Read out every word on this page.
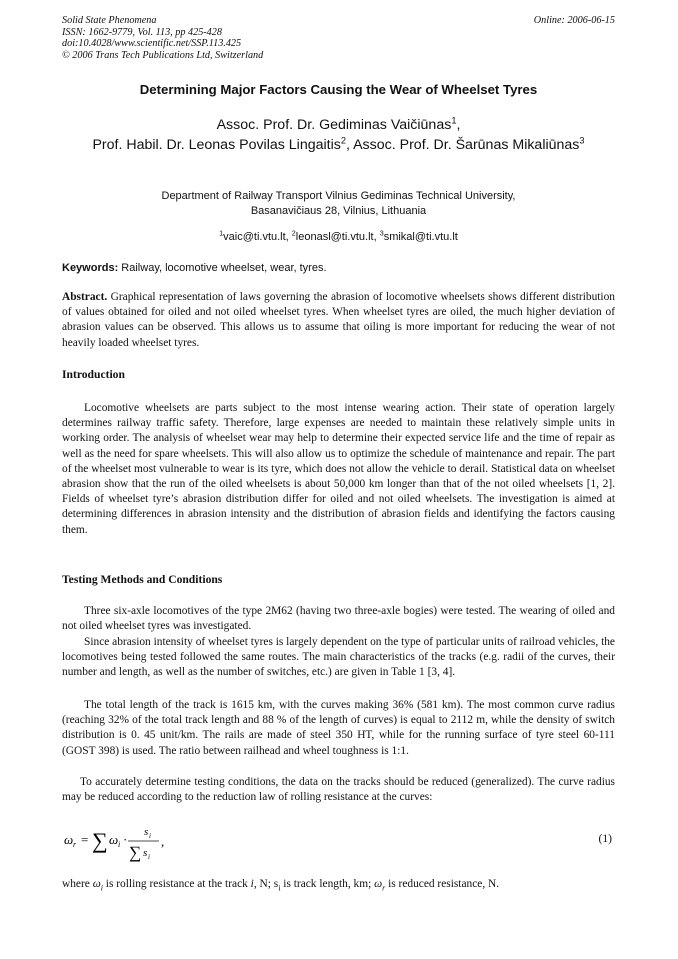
Solid State Phenomena
ISSN: 1662-9779, Vol. 113, pp 425-428
doi:10.4028/www.scientific.net/SSP.113.425
© 2006 Trans Tech Publications Ltd, Switzerland
Online: 2006-06-15
Determining Major Factors Causing the Wear of Wheelset Tyres
Assoc. Prof. Dr. Gediminas Vaičiūnas$^1$,
Prof. Habil. Dr. Leonas Povilas Lingaitis$^2$, Assoc. Prof. Dr. Šarūnas Mikaliūnas$^3$
Department of Railway Transport Vilnius Gediminas Technical University,
Basanavičiaus 28, Vilnius, Lithuania
$^1$vaic@ti.vtu.lt, $^2$leonasl@ti.vtu.lt, $^3$smikal@ti.vtu.lt
Keywords: Railway, locomotive wheelset, wear, tyres.
Abstract. Graphical representation of laws governing the abrasion of locomotive wheelsets shows different distribution of values obtained for oiled and not oiled wheelset tyres. When wheelset tyres are oiled, the much higher deviation of abrasion values can be observed. This allows us to assume that oiling is more important for reducing the wear of not heavily loaded wheelset tyres.
Introduction
Locomotive wheelsets are parts subject to the most intense wearing action. Their state of operation largely determines railway traffic safety. Therefore, large expenses are needed to maintain these relatively simple units in working order. The analysis of wheelset wear may help to determine their expected service life and the time of repair as well as the need for spare wheelsets. This will also allow us to optimize the schedule of maintenance and repair. The part of the wheelset most vulnerable to wear is its tyre, which does not allow the vehicle to derail. Statistical data on wheelset abrasion show that the run of the oiled wheelsets is about 50,000 km longer than that of the not oiled wheelsets [1, 2]. Fields of wheelset tyre’s abrasion distribution differ for oiled and not oiled wheelsets. The investigation is aimed at determining differences in abrasion intensity and the distribution of abrasion fields and identifying the factors causing them.
Testing Methods and Conditions
Three six-axle locomotives of the type 2M62 (having two three-axle bogies) were tested. The wearing of oiled and not oiled wheelset tyres was investigated.
Since abrasion intensity of wheelset tyres is largely dependent on the type of particular units of railroad vehicles, the locomotives being tested followed the same routes. The main characteristics of the tracks (e.g. radii of the curves, their number and length, as well as the number of switches, etc.) are given in Table 1 [3, 4].
The total length of the track is 1615 km, with the curves making 36% (581 km). The most common curve radius (reaching 32% of the total track length and 88 % of the length of curves) is equal to 2112 m, while the density of switch distribution is 0. 45 unit/km. The rails are made of steel 350 HT, while for the running surface of tyre steel 60-111 (GOST 398) is used. The ratio between railhead and wheel toughness is 1:1.
To accurately determine testing conditions, the data on the tracks should be reduced (generalized). The curve radius may be reduced according to the reduction law of rolling resistance at the curves:
ω r = ∑ ω i · s i
∑ s i
,	(1)
where $\omega_i$ is rolling resistance at the track i, N; $s_i$ is track length, km; $\omega_r$ is reduced resistance, N.
